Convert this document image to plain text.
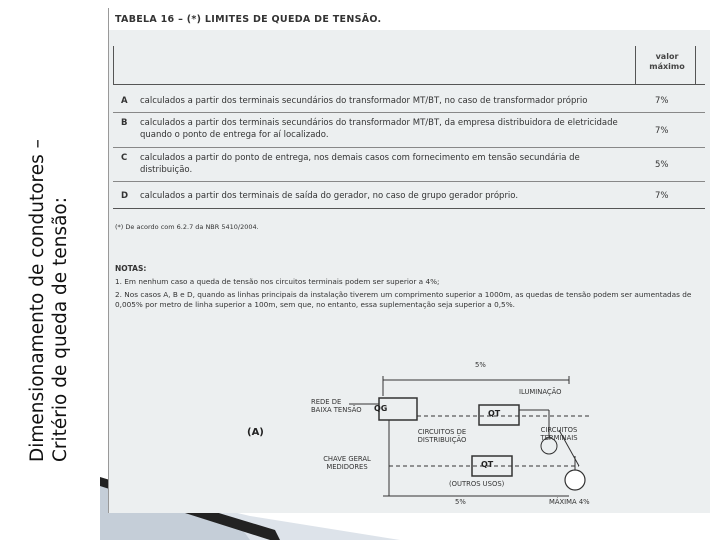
Dimensionamento de condutores – Critério de queda de tensão:
TABELA 16 – (*) LIMITES DE QUEDA DE TENSÃO.
valor
máximo
A calculados a partir dos terminais secundários do transformador MT/BT, no caso de transformador próprio	7%
B calculados a partir dos terminais secundários do transformador MT/BT, da empresa distribuidora de eletricidade quando o ponto de entrega for aí localizado.	7%
C calculados a partir do ponto de entrega, nos demais casos com fornecimento em tensão secundária de distribuição.	5%
D calculados a partir dos terminais de saída do gerador, no caso de grupo gerador próprio.	7%
(*) De acordo com 6.2.7 da NBR 5410/2004.
NOTAS:
1. Em nenhum caso a queda de tensão nos circuitos terminais podem ser superior a 4%;
2. Nos casos A, B e D, quando as linhas principais da instalação tiverem um comprimento superior a 1000m, as quedas de tensão podem ser aumentadas de 0,005% por metro de linha superior a 100m, sem que, no entanto, essa suplementação seja superior a 0,5%.
5%
5%
REDE DE BAIXA TENSÃO QG
QT
QT
ILUMINAÇÃO
CIRCUITOS DE DISTRIBUIÇÃO
CIRCUITOS TERMINAIS
CHAVE GERAL MEDIDORES
(OUTROS USOS)
MÁXIMA 4%
(A)
